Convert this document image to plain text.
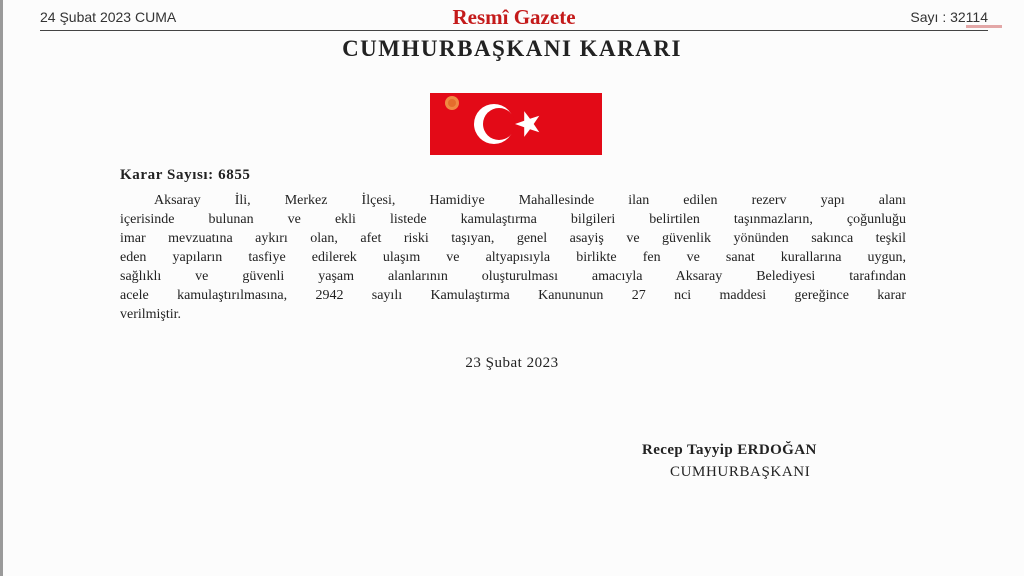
24 Şubat 2023 CUMA	Resmî Gazete	Sayı : 32114
CUMHURBAŞKANI KARARI
Karar Sayısı: 6855
Aksaray İli, Merkez İlçesi, Hamidiye Mahallesinde ilan edilen rezerv yapı alanı
içerisinde bulunan ve ekli listede kamulaştırma bilgileri belirtilen taşınmazların, çoğunluğu
imar mevzuatına aykırı olan, afet riski taşıyan, genel asayiş ve güvenlik yönünden sakınca teşkil
eden yapıların tasfiye edilerek ulaşım ve altyapısıyla birlikte fen ve sanat kurallarına uygun,
sağlıklı ve güvenli yaşam alanlarının oluşturulması amacıyla Aksaray Belediyesi tarafından
acele kamulaştırılmasına, 2942 sayılı Kamulaştırma Kanununun 27 nci maddesi gereğince karar
verilmiştir.
23 Şubat 2023
Recep Tayyip ERDOĞAN
CUMHURBAŞKANI
